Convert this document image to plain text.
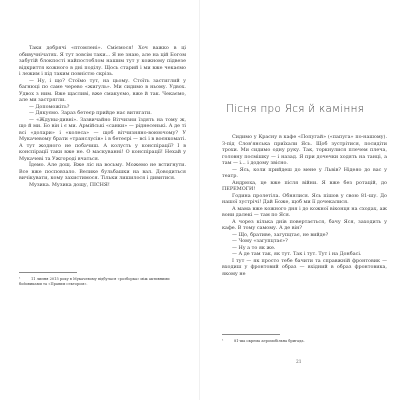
Таки добрячі «птомлені». Сміємося! Хоч важко в ці обивучнічатях. Я тут зовсім таки... Я не знаю, але на цій Богом забутій блокпості найпостоблом нашим тут у кожному підвезе відкриття кожного в дні поділу. Щось старий і ми вже чекаємо і лежим і під таким повністю скрізь.

— Ну, і що? Стоїмо тут, на цьому. Стоїть застиглий у багнюці по саме черево «жигуль». Ми сидимо в ньому. Удвох. Удвох з ним. Вже щасливі, вже смакуємо, вже й так. Чекаємо, але ми застрягли.

— Допоможіть?

— Дякуємо. Зараз бетеєр прийде нас витягати.

— «Ждуны-дивні». Зазвичайно Вітчизни їздять на тому ж, що й ми. Бо він і є ми. Армійські «санки» — ріднесенькі. А де ті всі «долари» і «колеса» — щоб вітчизняно-воюючому? У Мукачевому брати «транслусів» і в бетеєрі — всі і в воєнкоматі. А тут жодного не побачиш. А колусть у конспірації? І в конспірації таки вже не. О маскуванні! О конспірації! Нехай у Мукачеві та Ужгороді вчаться.

Їдемо. Але дощ. Вже ліс на восьму. Можемо не встигнути. Все вже посповзало. Велике бульбашки на вал. Доводиться вичікувати, кому захистимося. Тільки лишилося і дивитися.

Музика. Музика дощу, ПІСНЯ!

¹	11 липня 2015 року в Мукачевому відбулася «розборка» між активними бойовиками та «Правим сектором».
Пісня про Яся й каміння

Сидимо у Красну в кафе «Попугай» («папуга» по-нашому). З-під Слов'янська приїхали Ясь. Щоб зустрітися, посидіти трохи. Ми сидимо одну руку. Так, торкнулися плечем плеча, головну посмішку — і назад. Я при дочечки ходять на танці, а там — і... і додому звісно.

— Ясь, коли прийдеш до мене у Львів? Нідеяо до вас у театр.

Андрюха, це вже після війни. Я вже без ротацій, до ПЕРЕМОГИ!

Година пролетіла. Обнялися. Ясь пішов у свою 81-шу. До нашої зустрічі! Дай Боже, щоб ми її дочекалися.

А мама вже кожного дня і до кожної віконця на сходах, аж вони далекі — там по Яся.

А чорез кілька днів повертається, бачу Яся, заходить у кафе. В тому самому. А де він?

— Що, бративе, загупцтає, не вийде?

— Чому «загупцтає»?

— Ну а то як же.

— А де там так, як тут. Так і тут. Тут і на Донбасі.

І тут — як просто тебе бачити та справжній фронтовик — входиш у фронтовий образ — вхідний в образ фронтовика, якому не

¹	81-ша окрема аеромобільна бригада.
21
